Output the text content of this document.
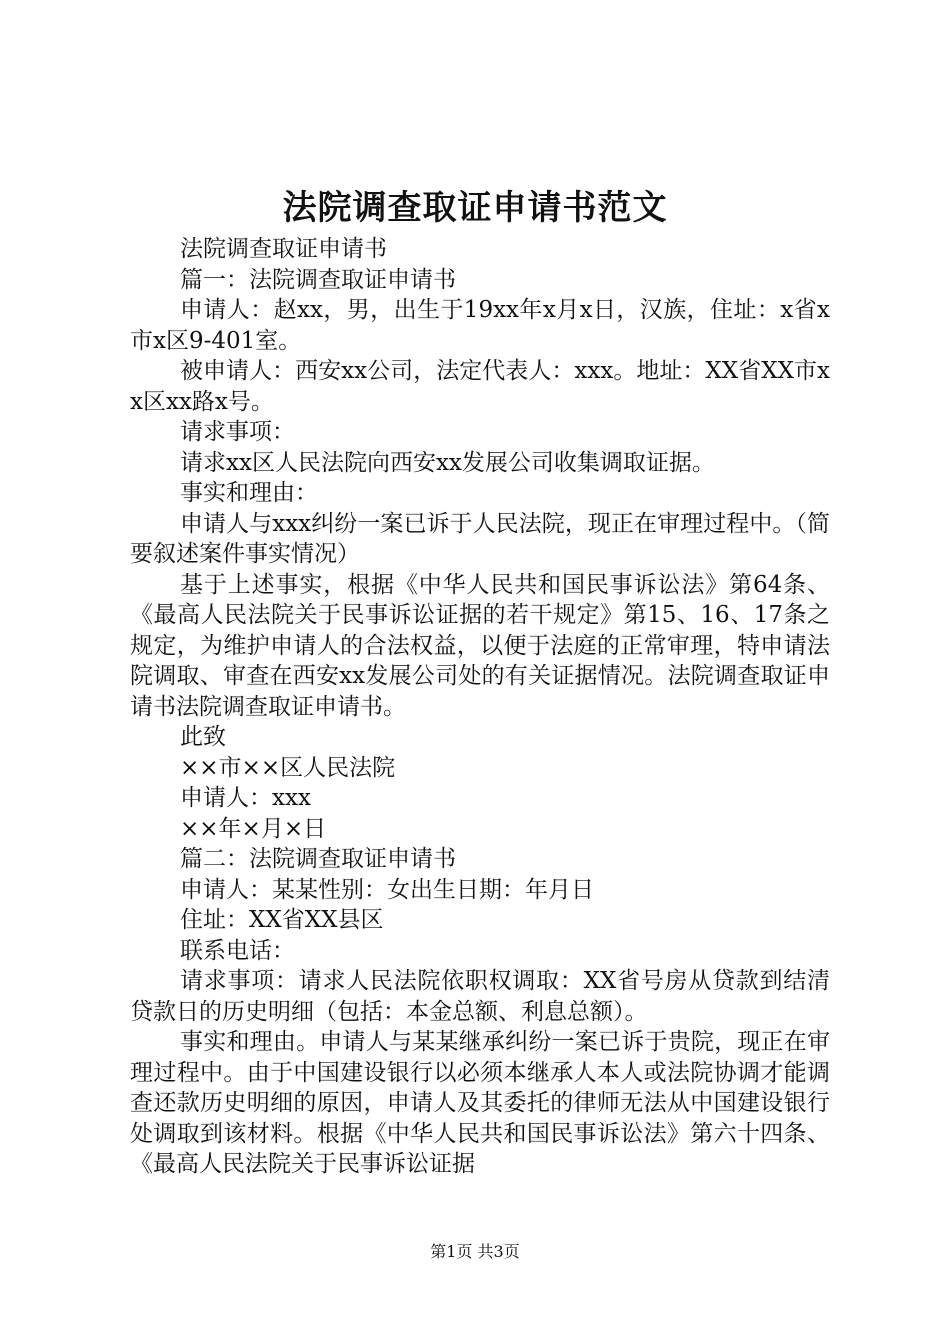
法院调查取证申请书范文

法院调查取证申请书

篇一：法院调查取证申请书

申请人：赵xx，男，出生于19xx年x月x日，汉族，住址：x省x市x区9-401室。

被申请人：西安xx公司，法定代表人：xxx。地址：XX省XX市xx区xx路x号。

请求事项：

请求xx区人民法院向西安xx发展公司收集调取证据。

事实和理由：

申请人与xxx纠纷一案已诉于人民法院，现正在审理过程中。（简要叙述案件事实情况）

基于上述事实，根据《中华人民共和国民事诉讼法》第64条、《最高人民法院关于民事诉讼证据的若干规定》第15、16、17条之规定，为维护申请人的合法权益，以便于法庭的正常审理，特申请法院调取、审查在西安xx发展公司处的有关证据情况。法院调查取证申请书法院调查取证申请书。

此致

××市××区人民法院

申请人：xxx

××年×月×日

篇二：法院调查取证申请书

申请人：某某性别：女出生日期：年月日

住址：XX省XX县区

联系电话：

请求事项：请求人民法院依职权调取：XX省号房从贷款到结清贷款日的历史明细（包括：本金总额、利息总额）。

事实和理由。申请人与某某继承纠纷一案已诉于贵院，现正在审理过程中。由于中国建设银行以必须本继承人本人或法院协调才能调查还款历史明细的原因，申请人及其委托的律师无法从中国建设银行处调取到该材料。根据《中华人民共和国民事诉讼法》第六十四条、《最高人民法院关于民事诉讼证据

第1页 共3页
